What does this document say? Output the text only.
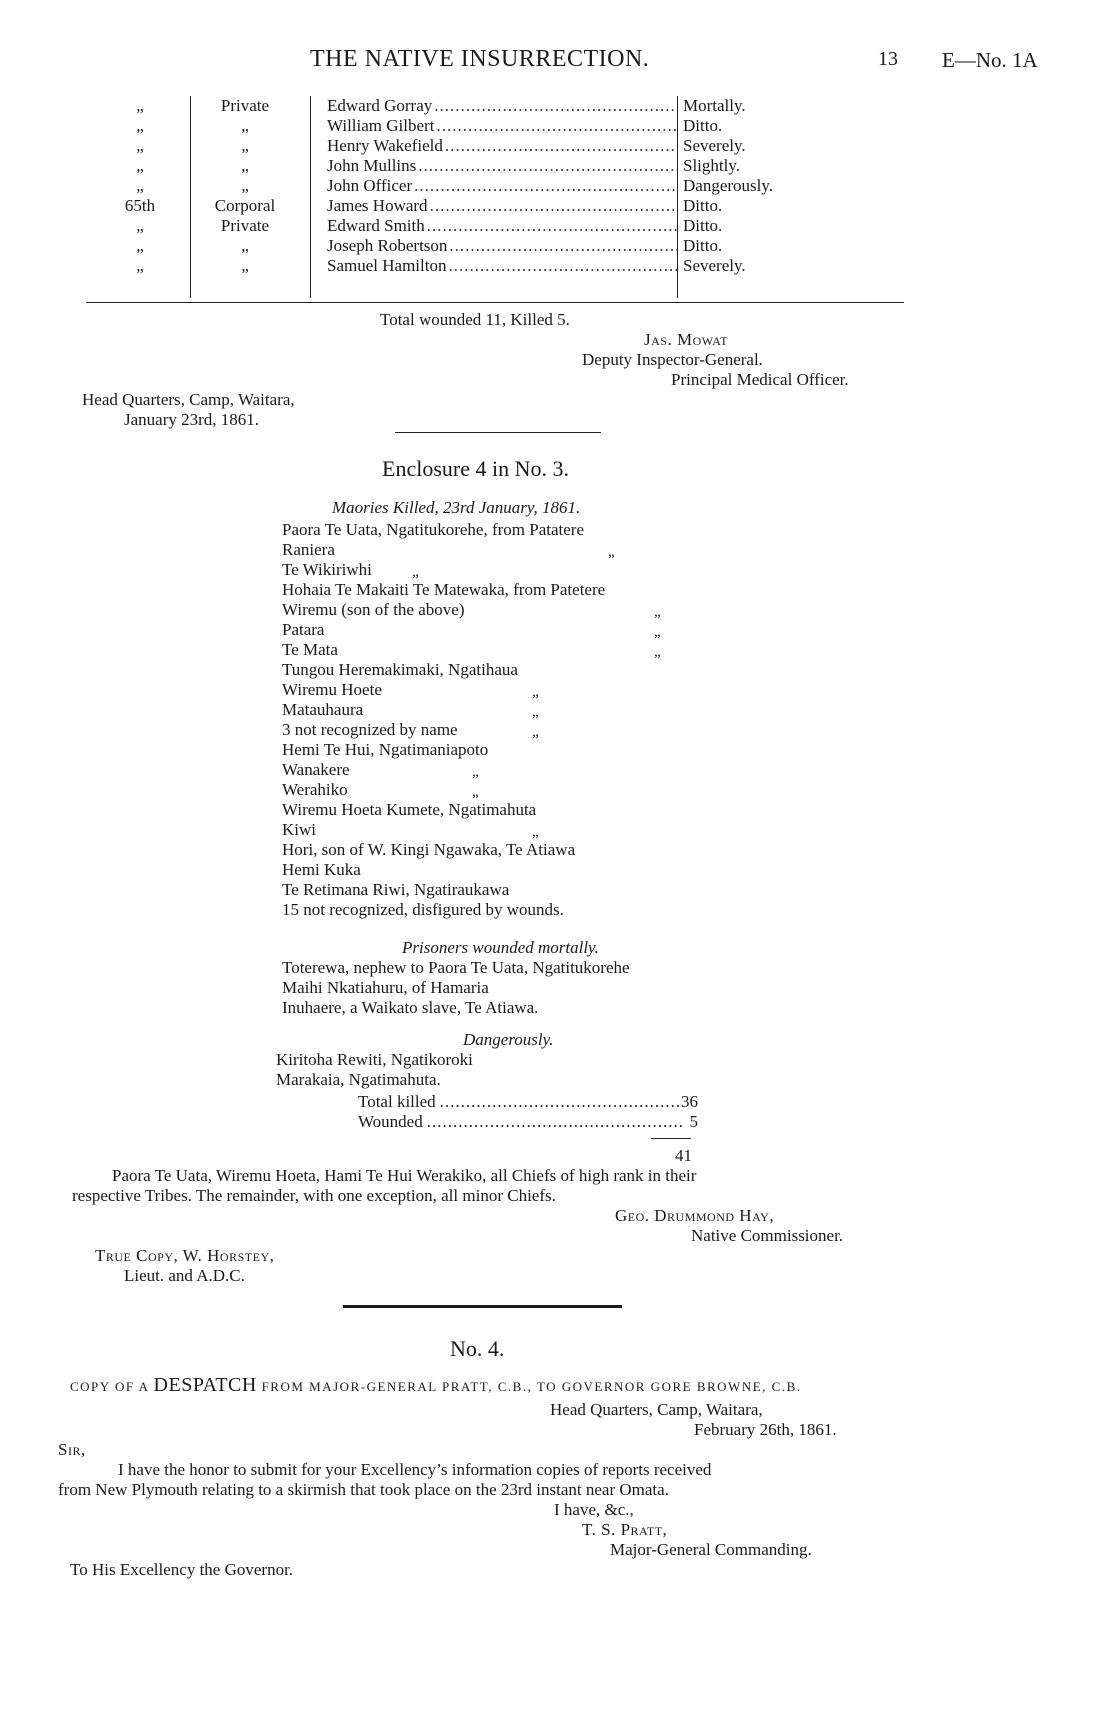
THE NATIVE INSURRECTION.	13 E—No. 1A
„	Private	Edward Gorray .....	Mortally.
„	„	William Gilbert .....	Ditto.
„	„	Henry Wakefield .....	Severely.
„	„	John Mullins .....	Slightly.
„	„	John Officer .....	Dangerously.
65th	Corporal	James Howard .....	Ditto.
„	Private	Edward Smith .....	Ditto.
„	„	Joseph Robertson .....	Ditto.
„	„	Samuel Hamilton .....	Severely.
Total wounded 11, Killed 5.
Jas. Mowat
Deputy Inspector-General.
Principal Medical Officer.
Head Quarters, Camp, Waitara,
January 23rd, 1861.
Enclosure 4 in No. 3.
Maories Killed, 23rd January, 1861.
Paora Te Uata, Ngatitukorehe, from Patatere
Raniera	„
Te Wikiriwhi	„
Hohaia Te Makaiti Te Matewaka, from Patetere
Wiremu (son of the above)	„
Patara	„
Te Mata	„
Tungou Heremakimaki, Ngatihaua
Wiremu Hoete	„
Matauhaura	„
3 not recognized by name	„
Hemi Te Hui, Ngatimaniapoto
Wanakere	„
Werahiko	„
Wiremu Hoeta Kumete, Ngatimahuta
Kiwi	„
Hori, son of W. Kingi Ngawaka, Te Atiawa
Hemi Kuka
Te Retimana Riwi, Ngatiraukawa
15 not recognized, disfigured by wounds.
Prisoners wounded mortally.
Toterewa, nephew to Paora Te Uata, Ngatitukorehe
Maihi Nkatiahuru, of Hamaria
Inuhaere, a Waikato slave, Te Atiawa.
Dangerously.
Kiritoha Rewiti, Ngatikoroki
Marakaia, Ngatimahuta.
Total killed .....	36
Wounded .....	5
41
Paora Te Uata, Wiremu Hoeta, Hami Te Hui Werakiko, all Chiefs of high rank in their
respective Tribes. The remainder, with one exception, all minor Chiefs.
Geo. Drummond Hay,
Native Commissioner.
True Copy, W. Horstey,
Lieut. and A.D.C.
No. 4.
COPY OF A DESPATCH FROM MAJOR-GENERAL PRATT, C.B., TO GOVERNOR GORE BROWNE, C.B.
Head Quarters, Camp, Waitara,
February 26th, 1861.
Sir,
I have the honor to submit for your Excellency’s information copies of reports received
from New Plymouth relating to a skirmish that took place on the 23rd instant near Omata.
I have, &c.,
T. S. Pratt,
Major-General Commanding.
To His Excellency the Governor.
